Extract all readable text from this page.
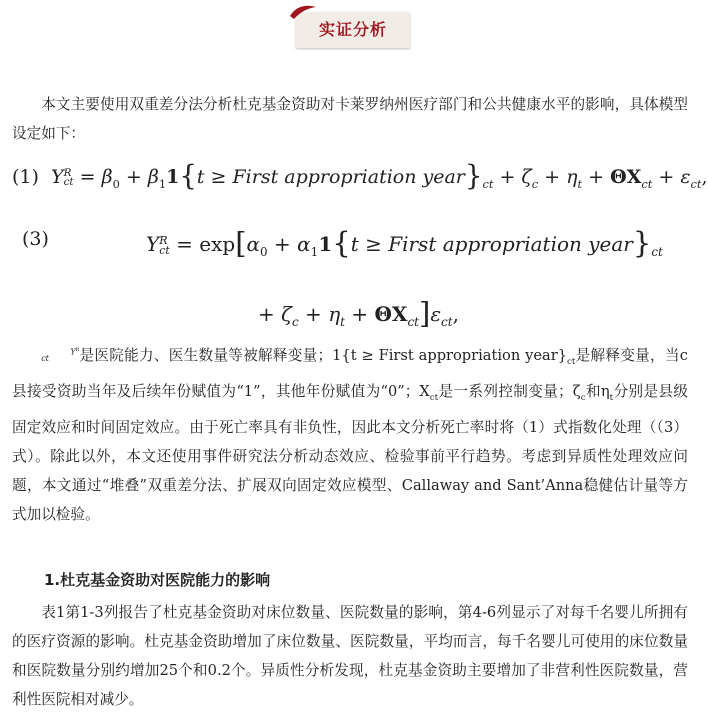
实证分析

本文主要使用双重差分法分析杜克基金资助对卡莱罗纳州医疗部门和公共健康水平的影响，具体模型设定如下：

(1) YR
ct = $\beta_0 + \beta_11\{t$ ≥ First appropriation $year\}_{ct} + \zeta_c + \eta_t + \Theta X_{ct} + \varepsilon_{ct}$,
(3)	YR
ct = $\exp[\alpha_0 + \alpha_11\{t$ ≥ First appropriation $year\}_{ct}$
+ $\zeta_c + \eta_t + \Theta X_{ct}]\varepsilon_{ct}$,

$Y^R$
ct 是医院能力、医生数量等被解释变量；1{t ≥ First appropriation $year\}_{ct}$是解释变量，当c县接受资助当年及后续年份赋值为“1”，其他年份赋值为“0”；$X_{ct}$是一系列控制变量；$\zeta_c$和$\eta_t$分别是县级固定效应和时间固定效应。由于死亡率具有非负性，因此本文分析死亡率时将（1）式指数化处理（（3）式）。除此以外，本文还使用事件研究法分析动态效应、检验事前平行趋势。考虑到异质性处理效应问题，本文通过“堆叠”双重差分法、扩展双向固定效应模型、Callaway and Sant’Anna稳健估计量等方式加以检验。

1.杜克基金资助对医院能力的影响

表1第1-3列报告了杜克基金资助对床位数量、医院数量的影响，第4-6列显示了对每千名婴儿所拥有的医疗资源的影响。杜克基金资助增加了床位数量、医院数量，平均而言，每千名婴儿可使用的床位数量和医院数量分别约增加25个和0.2个。异质性分析发现，杜克基金资助主要增加了非营利性医院数量，营利性医院相对减少。
